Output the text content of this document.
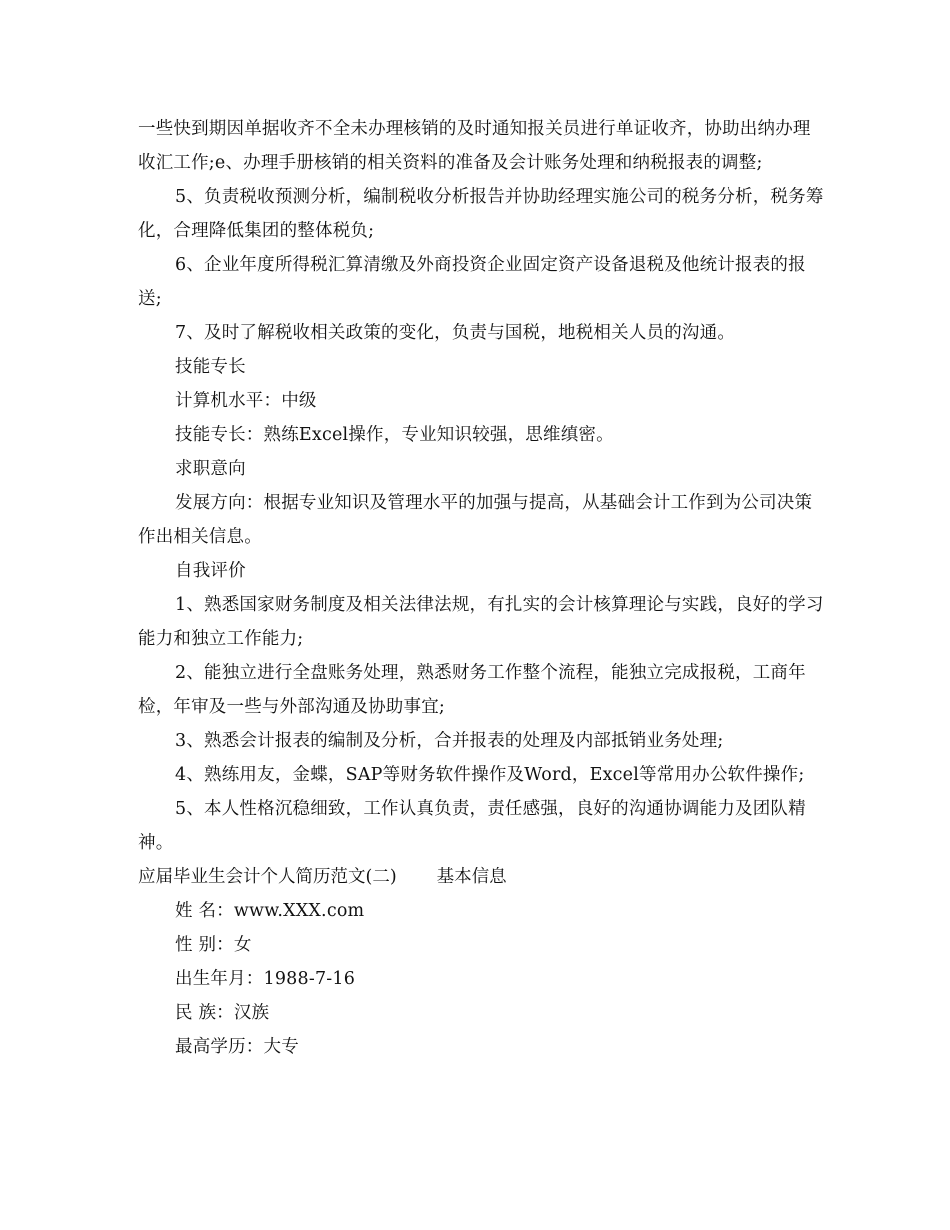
一些快到期因单据收齐不全未办理核销的及时通知报关员进行单证收齐，协助出纳办理收汇工作;e、办理手册核销的相关资料的准备及会计账务处理和纳税报表的调整;

5、负责税收预测分析，编制税收分析报告并协助经理实施公司的税务分析，税务筹化，合理降低集团的整体税负;

6、企业年度所得税汇算清缴及外商投资企业固定资产设备退税及他统计报表的报送;

7、及时了解税收相关政策的变化，负责与国税，地税相关人员的沟通。

技能专长

计算机水平：中级

技能专长：熟练Excel操作，专业知识较强，思维缜密。

求职意向

发展方向：根据专业知识及管理水平的加强与提高，从基础会计工作到为公司决策作出相关信息。

自我评价

1、熟悉国家财务制度及相关法律法规，有扎实的会计核算理论与实践，良好的学习能力和独立工作能力;

2、能独立进行全盘账务处理，熟悉财务工作整个流程，能独立完成报税，工商年检，年审及一些与外部沟通及协助事宜;

3、熟悉会计报表的编制及分析，合并报表的处理及内部抵销业务处理;

4、熟练用友，金蝶，SAP等财务软件操作及Word，Excel等常用办公软件操作;

5、本人性格沉稳细致，工作认真负责，责任感强，良好的沟通协调能力及团队精神。

应届毕业生会计个人简历范文(二) 基本信息

姓 名：www.XXX.com

性 别：女

出生年月：1988-7-16

民 族：汉族

最高学历：大专
